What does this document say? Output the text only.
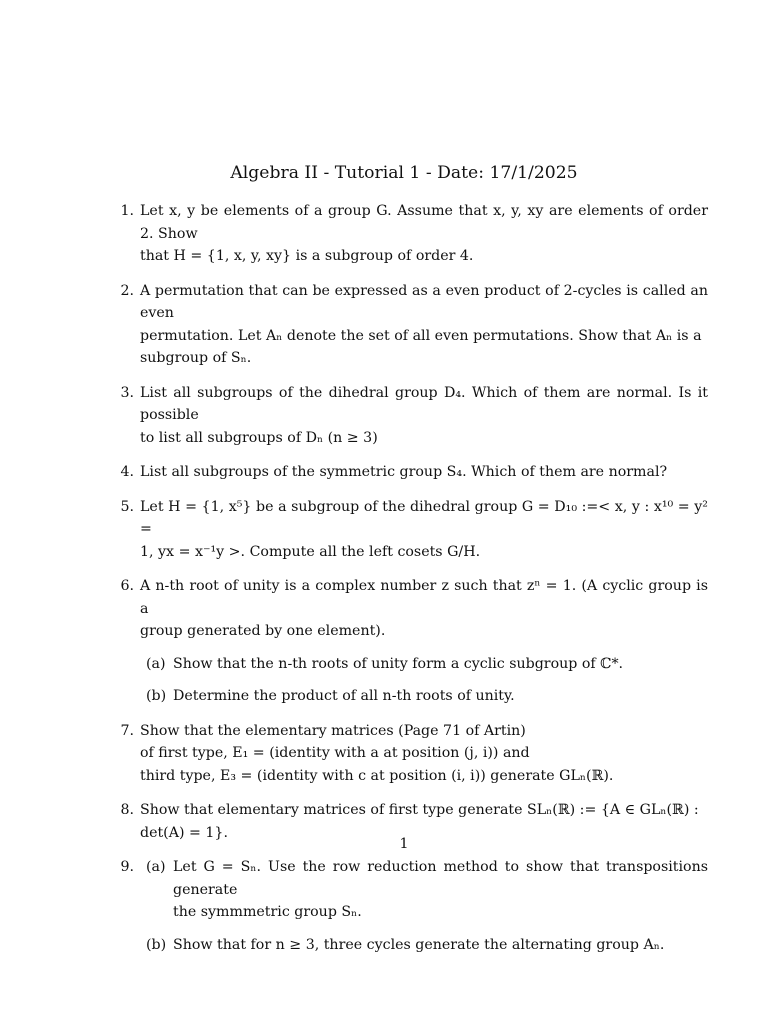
Algebra II - Tutorial 1 - Date: 17/1/2025
1. Let x, y be elements of a group G. Assume that x, y, xy are elements of order 2. Show
that H = {1, x, y, xy} is a subgroup of order 4.
2. A permutation that can be expressed as a even product of 2-cycles is called an even
permutation. Let Aₙ denote the set of all even permutations. Show that Aₙ is a
subgroup of Sₙ.
3. List all subgroups of the dihedral group D₄. Which of them are normal. Is it possible
to list all subgroups of Dₙ (n ≥ 3)
4. List all subgroups of the symmetric group S₄. Which of them are normal?
5. Let H = {1, x⁵} be a subgroup of the dihedral group G = D₁₀ :=< x, y : x¹⁰ = y² =
1, yx = x⁻¹y >. Compute all the left cosets G/H.
6. A n-th root of unity is a complex number z such that zⁿ = 1. (A cyclic group is a
group generated by one element).
(a) Show that the n-th roots of unity form a cyclic subgroup of ℂ*.
(b) Determine the product of all n-th roots of unity.
7. Show that the elementary matrices (Page 71 of Artin)
of first type, E₁ = (identity with a at position (j, i)) and
third type, E₃ = (identity with c at position (i, i)) generate GLₙ(ℝ).
8. Show that elementary matrices of first type generate SLₙ(ℝ) := {A ∈ GLₙ(ℝ) :
det(A) = 1}.
9. (a) Let G = Sₙ. Use the row reduction method to show that transpositions generate
the symmmetric group Sₙ.
(b) Show that for n ≥ 3, three cycles generate the alternating group Aₙ.
1
